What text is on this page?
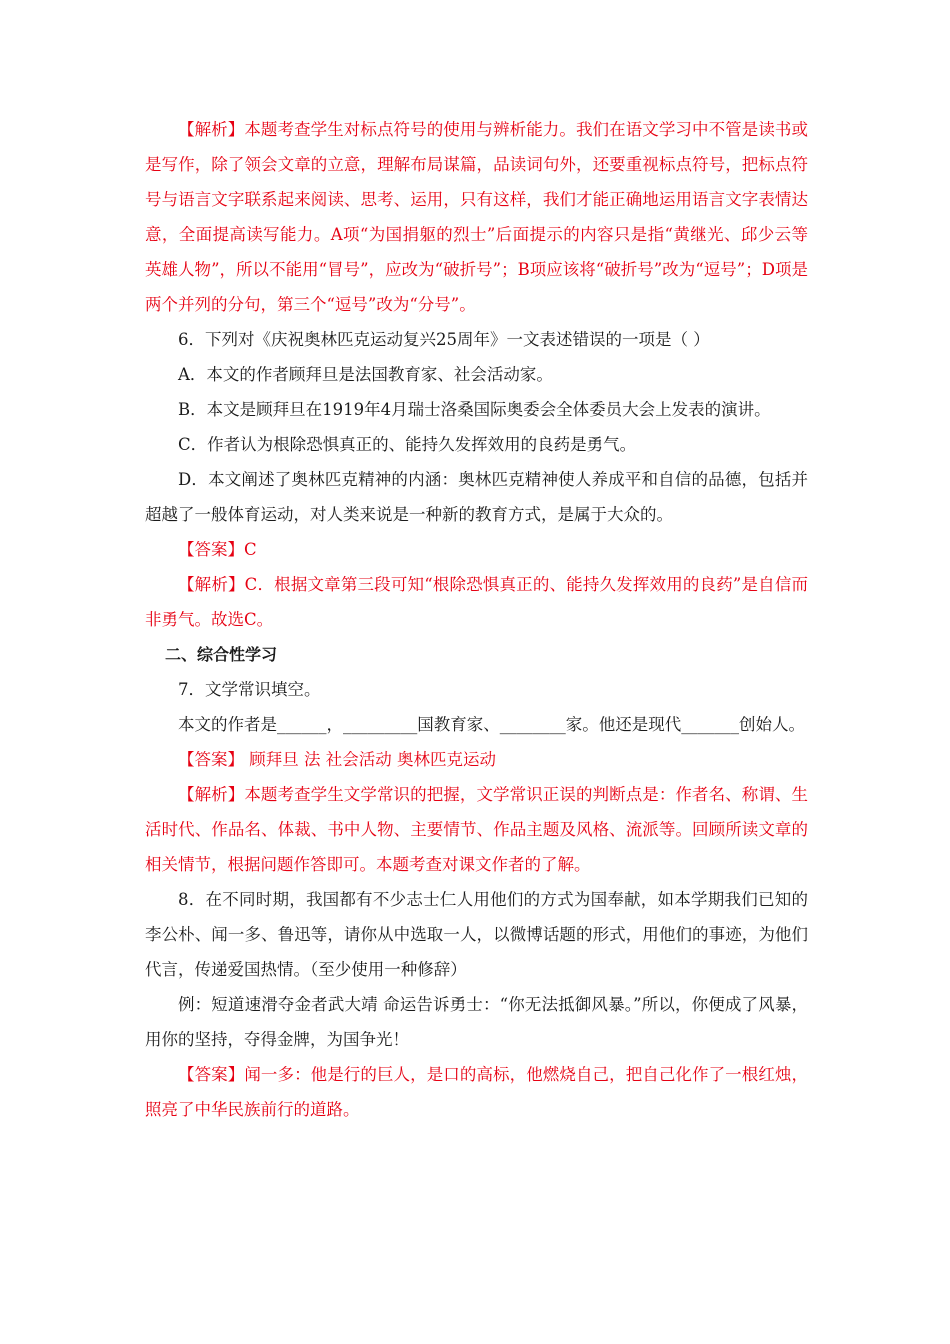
【解析】本题考查学生对标点符号的使用与辨析能力。我们在语文学习中不管是读书或是写作，除了领会文章的立意，理解布局谋篇，品读词句外，还要重视标点符号，把标点符号与语言文字联系起来阅读、思考、运用，只有这样，我们才能正确地运用语言文字表情达意，全面提高读写能力。A项“为国捐躯的烈士”后面提示的内容只是指“黄继光、邱少云等英雄人物”，所以不能用“冒号”，应改为“破折号”；B项应该将“破折号”改为“逗号”；D项是两个并列的分句，第三个“逗号”改为“分号”。

6．下列对《庆祝奥林匹克运动复兴25周年》一文表述错误的一项是（ ）

A．本文的作者顾拜旦是法国教育家、社会活动家。

B．本文是顾拜旦在1919年4月瑞士洛桑国际奥委会全体委员大会上发表的演讲。

C．作者认为根除恐惧真正的、能持久发挥效用的良药是勇气。

D．本文阐述了奥林匹克精神的内涵：奥林匹克精神使人养成平和自信的品德，包括并超越了一般体育运动，对人类来说是一种新的教育方式，是属于大众的。

【答案】C

【解析】C．根据文章第三段可知“根除恐惧真正的、能持久发挥效用的良药”是自信而非勇气。故选C。

二、综合性学习

7．文学常识填空。

本文的作者是______，_________国教育家、________家。他还是现代_______创始人。

【答案】 顾拜旦 法 社会活动 奥林匹克运动

【解析】本题考查学生文学常识的把握，文学常识正误的判断点是：作者名、称谓、生活时代、作品名、体裁、书中人物、主要情节、作品主题及风格、流派等。回顾所读文章的相关情节，根据问题作答即可。本题考查对课文作者的了解。

8．在不同时期，我国都有不少志士仁人用他们的方式为国奉献，如本学期我们已知的李公朴、闻一多、鲁迅等，请你从中选取一人，以微博话题的形式，用他们的事迹，为他们代言，传递爱国热情。（至少使用一种修辞）

例：短道速滑夺金者武大靖 命运告诉勇士：“你无法抵御风暴。”所以，你便成了风暴，用你的坚持，夺得金牌，为国争光！

【答案】闻一多：他是行的巨人，是口的高标，他燃烧自己，把自己化作了一根红烛，照亮了中华民族前行的道路。
